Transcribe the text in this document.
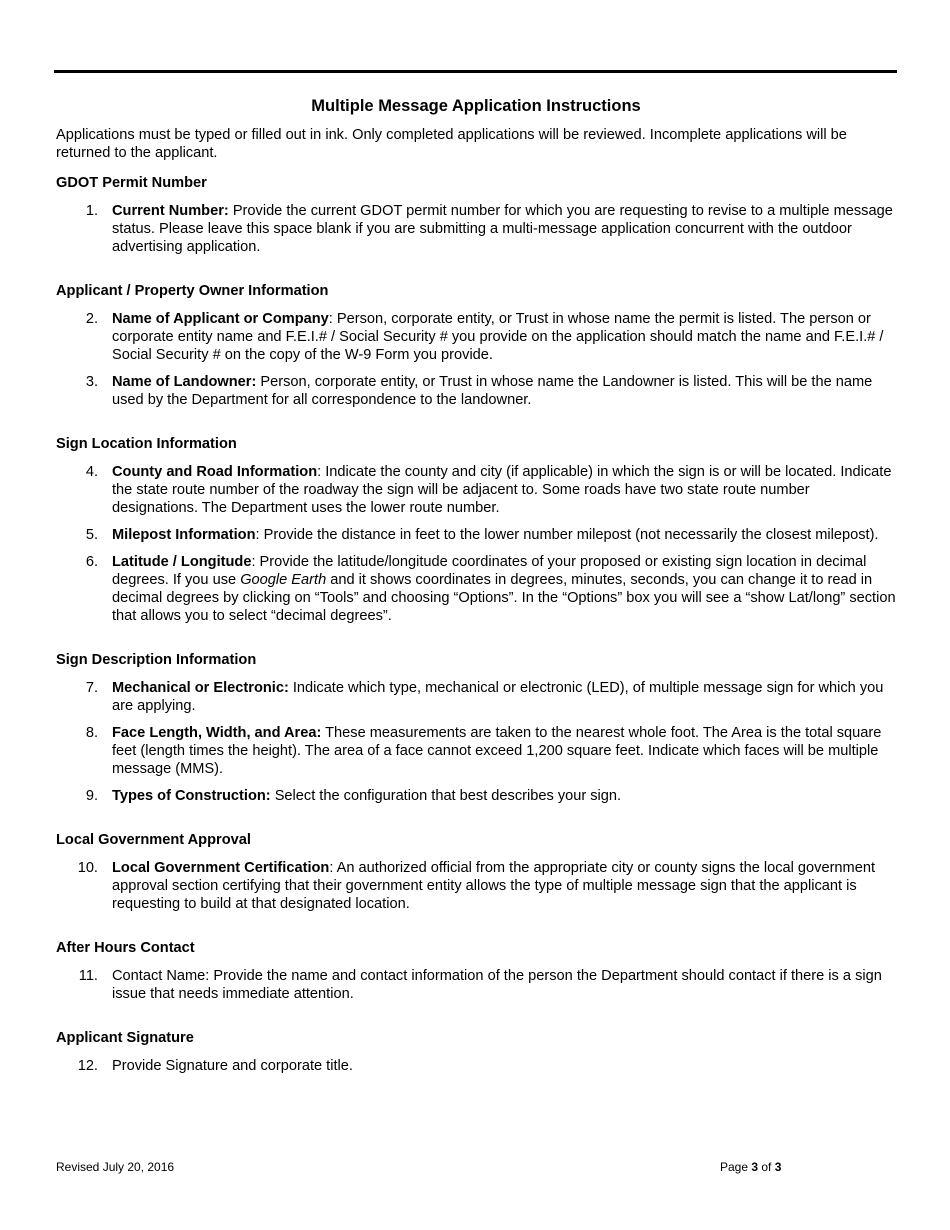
Multiple Message Application Instructions
Applications must be typed or filled out in ink. Only completed applications will be reviewed. Incomplete applications will be returned to the applicant.
GDOT Permit Number
1. Current Number: Provide the current GDOT permit number for which you are requesting to revise to a multiple message status. Please leave this space blank if you are submitting a multi-message application concurrent with the outdoor advertising application.
Applicant / Property Owner Information
2. Name of Applicant or Company: Person, corporate entity, or Trust in whose name the permit is listed. The person or corporate entity name and F.E.I.# / Social Security # you provide on the application should match the name and F.E.I.# / Social Security # on the copy of the W-9 Form you provide.
3. Name of Landowner: Person, corporate entity, or Trust in whose name the Landowner is listed. This will be the name used by the Department for all correspondence to the landowner.
Sign Location Information
4. County and Road Information: Indicate the county and city (if applicable) in which the sign is or will be located. Indicate the state route number of the roadway the sign will be adjacent to. Some roads have two state route number designations. The Department uses the lower route number.
5. Milepost Information: Provide the distance in feet to the lower number milepost (not necessarily the closest milepost).
6. Latitude / Longitude: Provide the latitude/longitude coordinates of your proposed or existing sign location in decimal degrees. If you use Google Earth and it shows coordinates in degrees, minutes, seconds, you can change it to read in decimal degrees by clicking on “Tools” and choosing “Options”. In the “Options” box you will see a “show Lat/long” section that allows you to select “decimal degrees”.
Sign Description Information
7. Mechanical or Electronic: Indicate which type, mechanical or electronic (LED), of multiple message sign for which you are applying.
8. Face Length, Width, and Area: These measurements are taken to the nearest whole foot. The Area is the total square feet (length times the height). The area of a face cannot exceed 1,200 square feet. Indicate which faces will be multiple message (MMS).
9. Types of Construction: Select the configuration that best describes your sign.
Local Government Approval
10. Local Government Certification: An authorized official from the appropriate city or county signs the local government approval section certifying that their government entity allows the type of multiple message sign that the applicant is requesting to build at that designated location.
After Hours Contact
11. Contact Name: Provide the name and contact information of the person the Department should contact if there is a sign issue that needs immediate attention.
Applicant Signature
12. Provide Signature and corporate title.
Revised July 20, 2016	Page 3 of 3
